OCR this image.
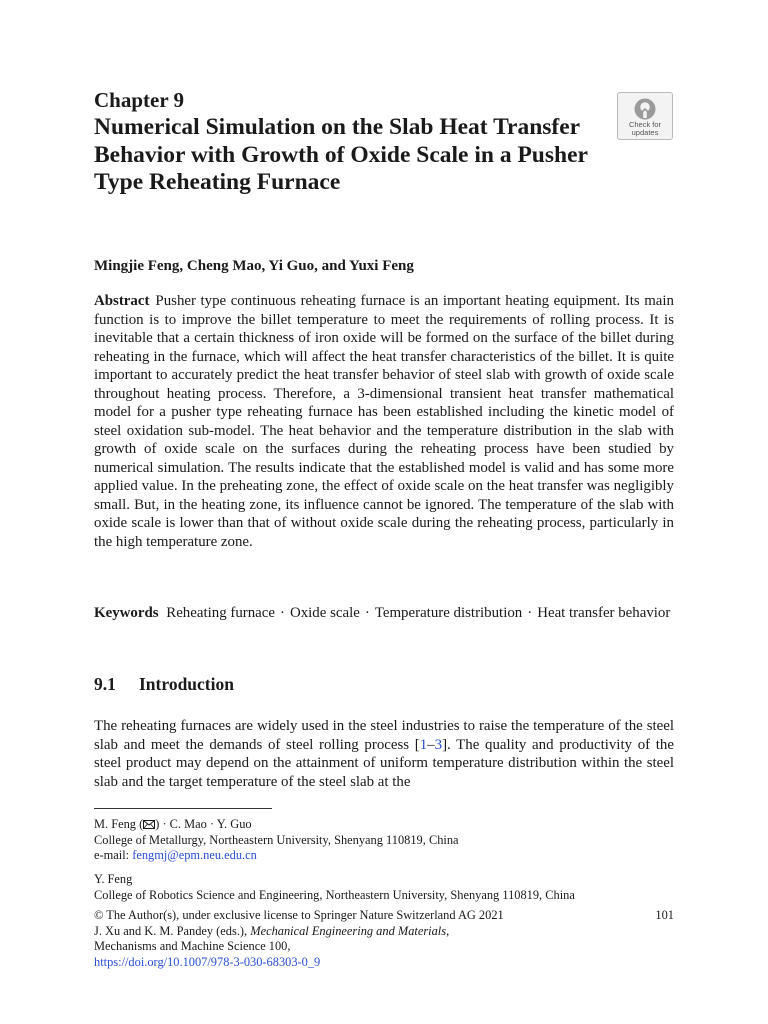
Chapter 9
Numerical Simulation on the Slab Heat Transfer Behavior with Growth of Oxide Scale in a Pusher Type Reheating Furnace
Check for
updates
Mingjie Feng, Cheng Mao, Yi Guo, and Yuxi Feng
Abstract Pusher type continuous reheating furnace is an important heating equipment. Its main function is to improve the billet temperature to meet the requirements of rolling process. It is inevitable that a certain thickness of iron oxide will be formed on the surface of the billet during reheating in the furnace, which will affect the heat transfer characteristics of the billet. It is quite important to accurately predict the heat transfer behavior of steel slab with growth of oxide scale throughout heating process. Therefore, a 3-dimensional transient heat transfer mathematical model for a pusher type reheating furnace has been established including the kinetic model of steel oxidation sub-model. The heat behavior and the temperature distribution in the slab with growth of oxide scale on the surfaces during the reheating process have been studied by numerical simulation. The results indicate that the established model is valid and has some more applied value. In the preheating zone, the effect of oxide scale on the heat transfer was negligibly small. But, in the heating zone, its influence cannot be ignored. The temperature of the slab with oxide scale is lower than that of without oxide scale during the reheating process, particularly in the high temperature zone.
Keywords Reheating furnace · Oxide scale · Temperature distribution · Heat transfer behavior
9.1 Introduction
The reheating furnaces are widely used in the steel industries to raise the temperature of the steel slab and meet the demands of steel rolling process [1–3]. The quality and productivity of the steel product may depend on the attainment of uniform temperature distribution within the steel slab and the target temperature of the steel slab at the
M. Feng ( ) · C. Mao · Y. Guo
College of Metallurgy, Northeastern University, Shenyang 110819, China
e-mail: fengmj@epm.neu.edu.cn
Y. Feng
College of Robotics Science and Engineering, Northeastern University, Shenyang 110819, China
© The Author(s), under exclusive license to Springer Nature Switzerland AG 2021	101
J. Xu and K. M. Pandey (eds.), Mechanical Engineering and Materials,
Mechanisms and Machine Science 100,
https://doi.org/10.1007/978-3-030-68303-0_9
